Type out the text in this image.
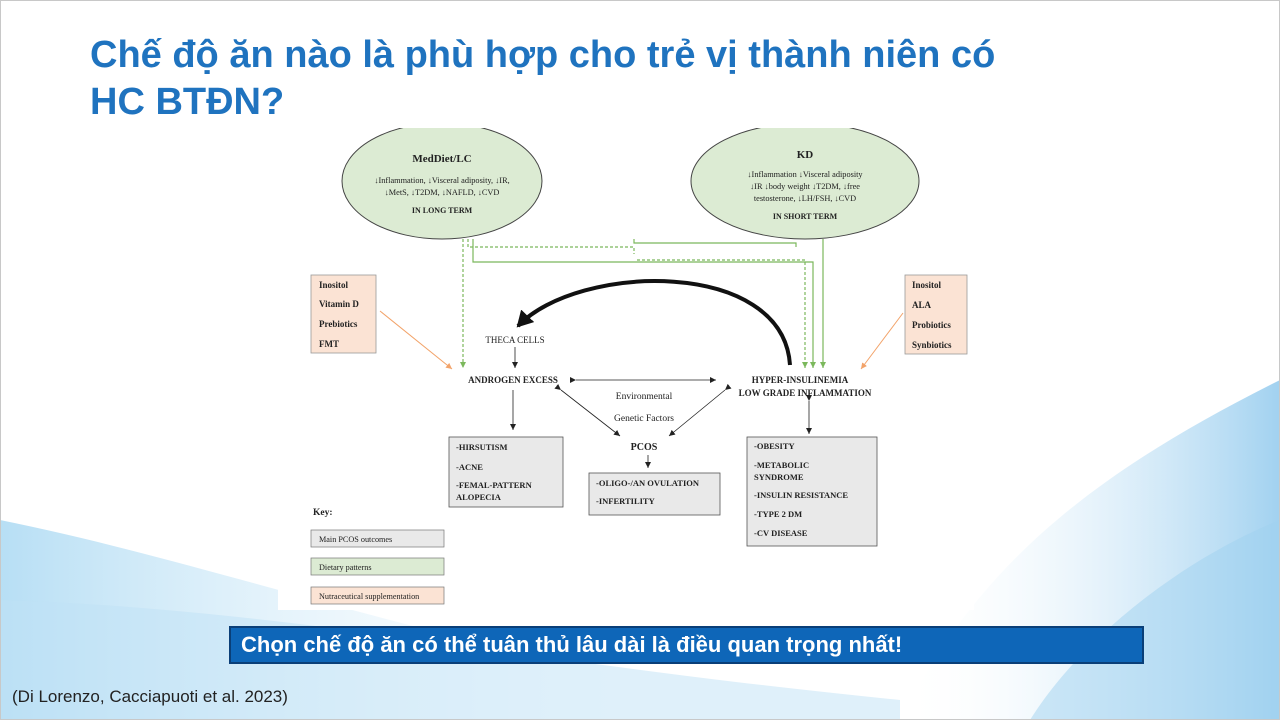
Chế độ ăn nào là phù hợp cho trẻ vị thành niên có
HC BTĐN?
MedDiet/LC
↓Inflammation, ↓Visceral adiposity, ↓IR,
↓MetS, ↓T2DM, ↓NAFLD, ↓CVD
IN LONG TERM
KD
↓Inflammation ↓Visceral adiposity
↓IR ↓body weight ↓T2DM, ↓free
testosterone, ↓LH/FSH, ↓CVD
IN SHORT TERM
Inositol
Vitamin D
Prebiotics
FMT
Inositol
ALA
Probiotics
Synbiotics
THECA CELLS
ANDROGEN EXCESS	HYPER-INSULINEMIA
LOW GRADE INFLAMMATION
Environmental
Genetic Factors
PCOS
-HIRSUTISM
-ACNE
-FEMAL-PATTERN
ALOPECIA
-OLIGO-/AN OVULATION
-INFERTILITY
-OBESITY
-METABOLIC
SYNDROME
-INSULIN RESISTANCE
-TYPE 2 DM
-CV DISEASE
Key:
Main PCOS outcomes
Dietary patterns
Nutraceutical supplementation
Chọn chế độ ăn có thể tuân thủ lâu dài là điều quan trọng nhất!
(Di Lorenzo, Cacciapuoti et al. 2023)
